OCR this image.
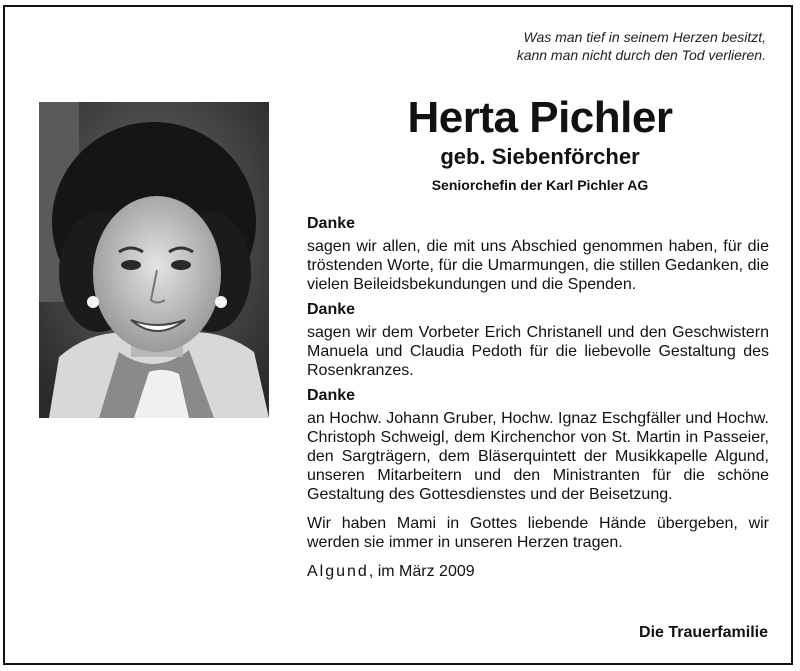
Was man tief in seinem Herzen besitzt,
kann man nicht durch den Tod verlieren.
Herta Pichler
geb. Siebenförcher
Seniorchefin der Karl Pichler AG
Danke
sagen wir allen, die mit uns Abschied genommen haben, für die tröstenden Worte, für die Umarmungen, die stillen Gedanken, die vielen Beileidsbekundungen und die Spenden.
Danke
sagen wir dem Vorbeter Erich Christanell und den Geschwistern Manuela und Claudia Pedoth für die liebevolle Gestaltung des Rosenkranzes.
Danke
an Hochw. Johann Gruber, Hochw. Ignaz Eschgfäller und Hochw. Christoph Schweigl, dem Kirchenchor von St. Martin in Passeier, den Sargträgern, dem Bläserquintett der Musikkapelle Algund, unseren Mitarbeitern und den Ministranten für die schöne Gestaltung des Gottesdienstes und der Beisetzung.
Wir haben Mami in Gottes liebende Hände übergeben, wir werden sie immer in unseren Herzen tragen.
Algund, im März 2009
Die Trauerfamilie
